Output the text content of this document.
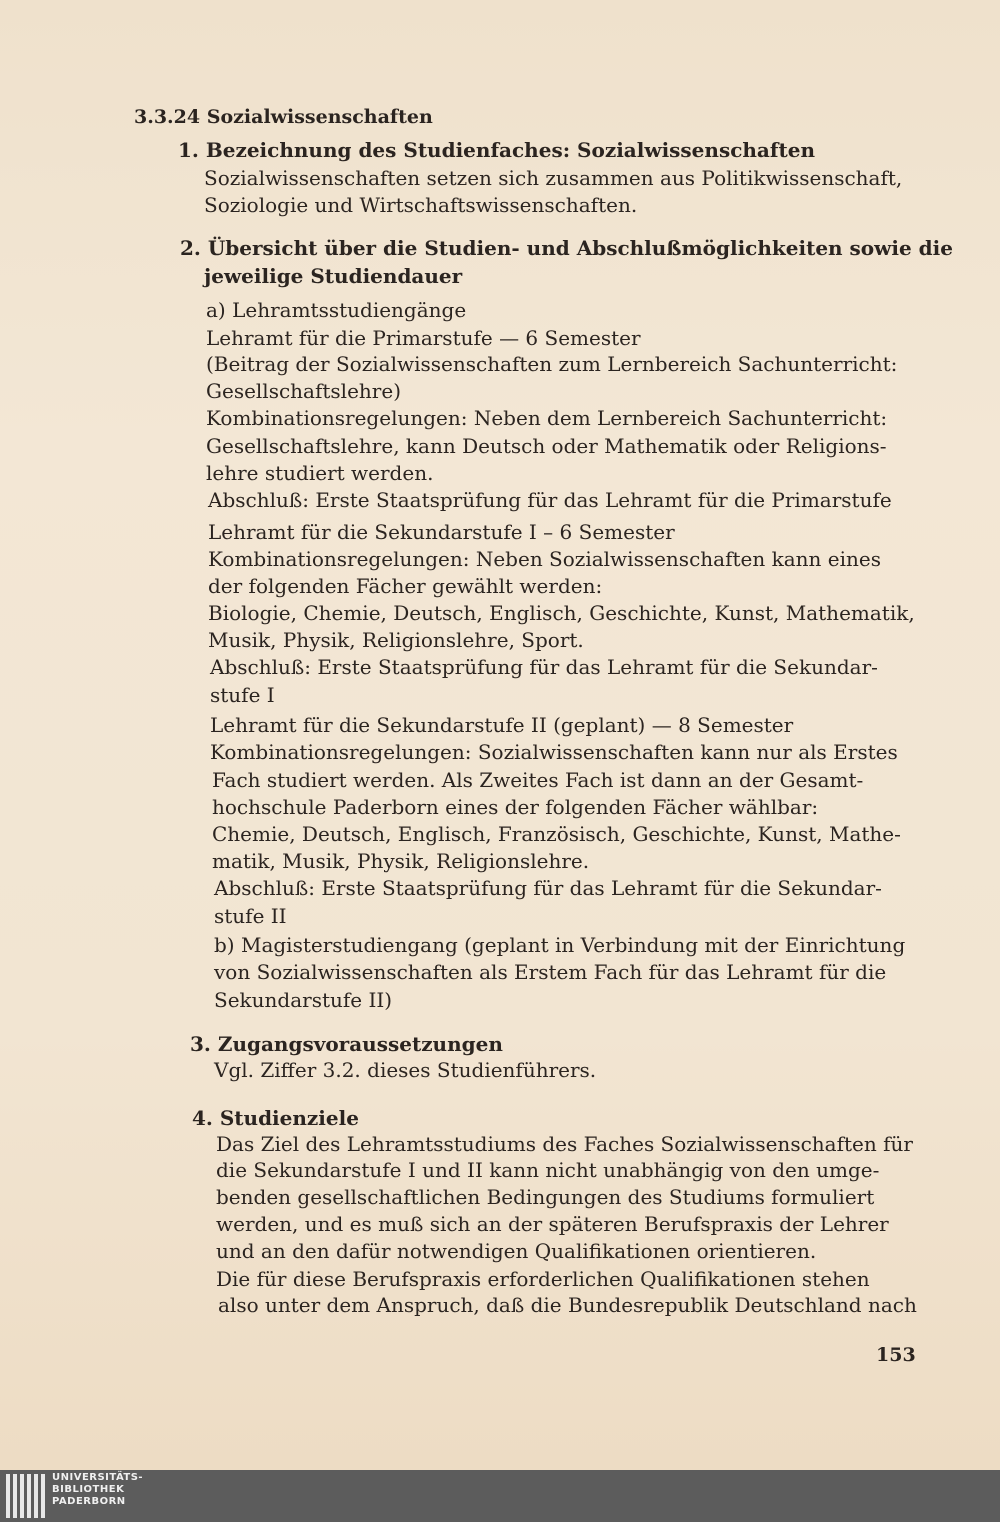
3.3.24 Sozialwissenschaften
1. Bezeichnung des Studienfaches: Sozialwissenschaften
Sozialwissenschaften setzen sich zusammen aus Politikwissenschaft,
Soziologie und Wirtschaftswissenschaften.
2. Übersicht über die Studien- und Abschlußmöglichkeiten sowie die
jeweilige Studiendauer
a) Lehramtsstudiengänge
Lehramt für die Primarstufe — 6 Semester
(Beitrag der Sozialwissenschaften zum Lernbereich Sachunterricht:
Gesellschaftslehre)
Kombinationsregelungen: Neben dem Lernbereich Sachunterricht:
Gesellschaftslehre, kann Deutsch oder Mathematik oder Religions-
lehre studiert werden.
Abschluß: Erste Staatsprüfung für das Lehramt für die Primarstufe
Lehramt für die Sekundarstufe I – 6 Semester
Kombinationsregelungen: Neben Sozialwissenschaften kann eines
der folgenden Fächer gewählt werden:
Biologie, Chemie, Deutsch, Englisch, Geschichte, Kunst, Mathematik,
Musik, Physik, Religionslehre, Sport.
Abschluß: Erste Staatsprüfung für das Lehramt für die Sekundar-
stufe I
Lehramt für die Sekundarstufe II (geplant) — 8 Semester
Kombinationsregelungen: Sozialwissenschaften kann nur als Erstes
Fach studiert werden. Als Zweites Fach ist dann an der Gesamt-
hochschule Paderborn eines der folgenden Fächer wählbar:
Chemie, Deutsch, Englisch, Französisch, Geschichte, Kunst, Mathe-
matik, Musik, Physik, Religionslehre.
Abschluß: Erste Staatsprüfung für das Lehramt für die Sekundar-
stufe II
b) Magisterstudiengang (geplant in Verbindung mit der Einrichtung
von Sozialwissenschaften als Erstem Fach für das Lehramt für die
Sekundarstufe II)
3. Zugangsvoraussetzungen
Vgl. Ziffer 3.2. dieses Studienführers.
4. Studienziele
Das Ziel des Lehramtsstudiums des Faches Sozialwissenschaften für
die Sekundarstufe I und II kann nicht unabhängig von den umge-
benden gesellschaftlichen Bedingungen des Studiums formuliert
werden, und es muß sich an der späteren Berufspraxis der Lehrer
und an den dafür notwendigen Qualifikationen orientieren.
Die für diese Berufspraxis erforderlichen Qualifikationen stehen
also unter dem Anspruch, daß die Bundesrepublik Deutschland nach
153
UNIVERSITÄTS-
BIBLIOTHEK
PADERBORN
